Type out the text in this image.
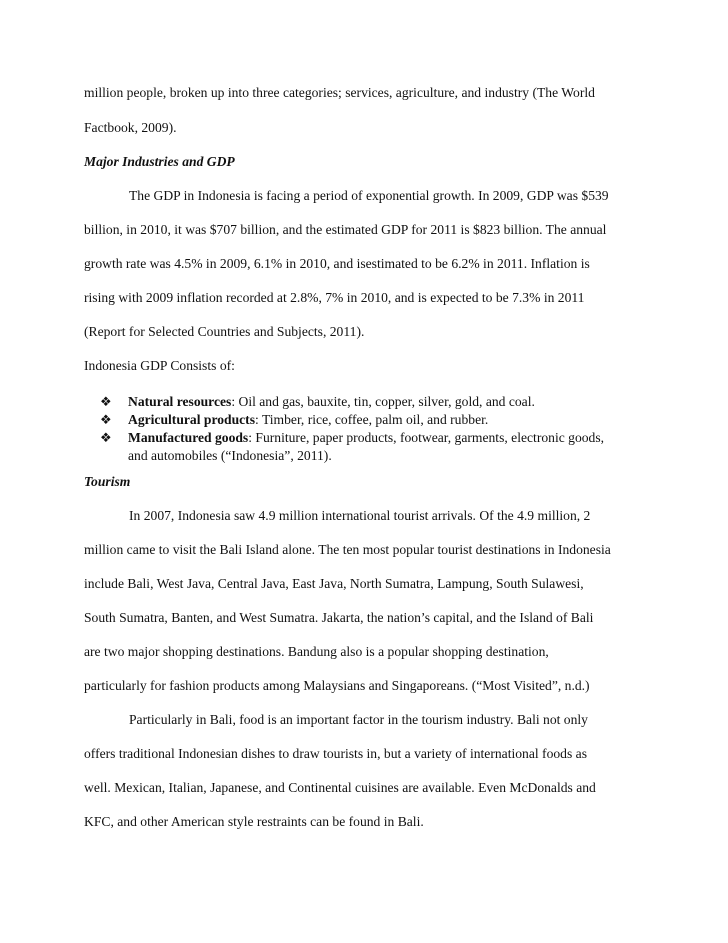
million people, broken up into three categories; services, agriculture, and industry (The World
Factbook, 2009).
Major Industries and GDP
The GDP in Indonesia is facing a period of exponential growth. In 2009, GDP was $539
billion, in 2010, it was $707 billion, and the estimated GDP for 2011 is $823 billion. The annual
growth rate was 4.5% in 2009, 6.1% in 2010, and isestimated to be 6.2% in 2011. Inflation is
rising with 2009 inflation recorded at 2.8%, 7% in 2010, and is expected to be 7.3% in 2011
(Report for Selected Countries and Subjects, 2011).
Indonesia GDP Consists of:
❖ Natural resources: Oil and gas, bauxite, tin, copper, silver, gold, and coal.
❖ Agricultural products: Timber, rice, coffee, palm oil, and rubber.
❖ Manufactured goods: Furniture, paper products, footwear, garments, electronic goods,
and automobiles (“Indonesia”, 2011).
Tourism
In 2007, Indonesia saw 4.9 million international tourist arrivals. Of the 4.9 million, 2
million came to visit the Bali Island alone. The ten most popular tourist destinations in Indonesia
include Bali, West Java, Central Java, East Java, North Sumatra, Lampung, South Sulawesi,
South Sumatra, Banten, and West Sumatra. Jakarta, the nation’s capital, and the Island of Bali
are two major shopping destinations. Bandung also is a popular shopping destination,
particularly for fashion products among Malaysians and Singaporeans. (“Most Visited”, n.d.)
Particularly in Bali, food is an important factor in the tourism industry. Bali not only
offers traditional Indonesian dishes to draw tourists in, but a variety of international foods as
well. Mexican, Italian, Japanese, and Continental cuisines are available. Even McDonalds and
KFC, and other American style restraints can be found in Bali.
